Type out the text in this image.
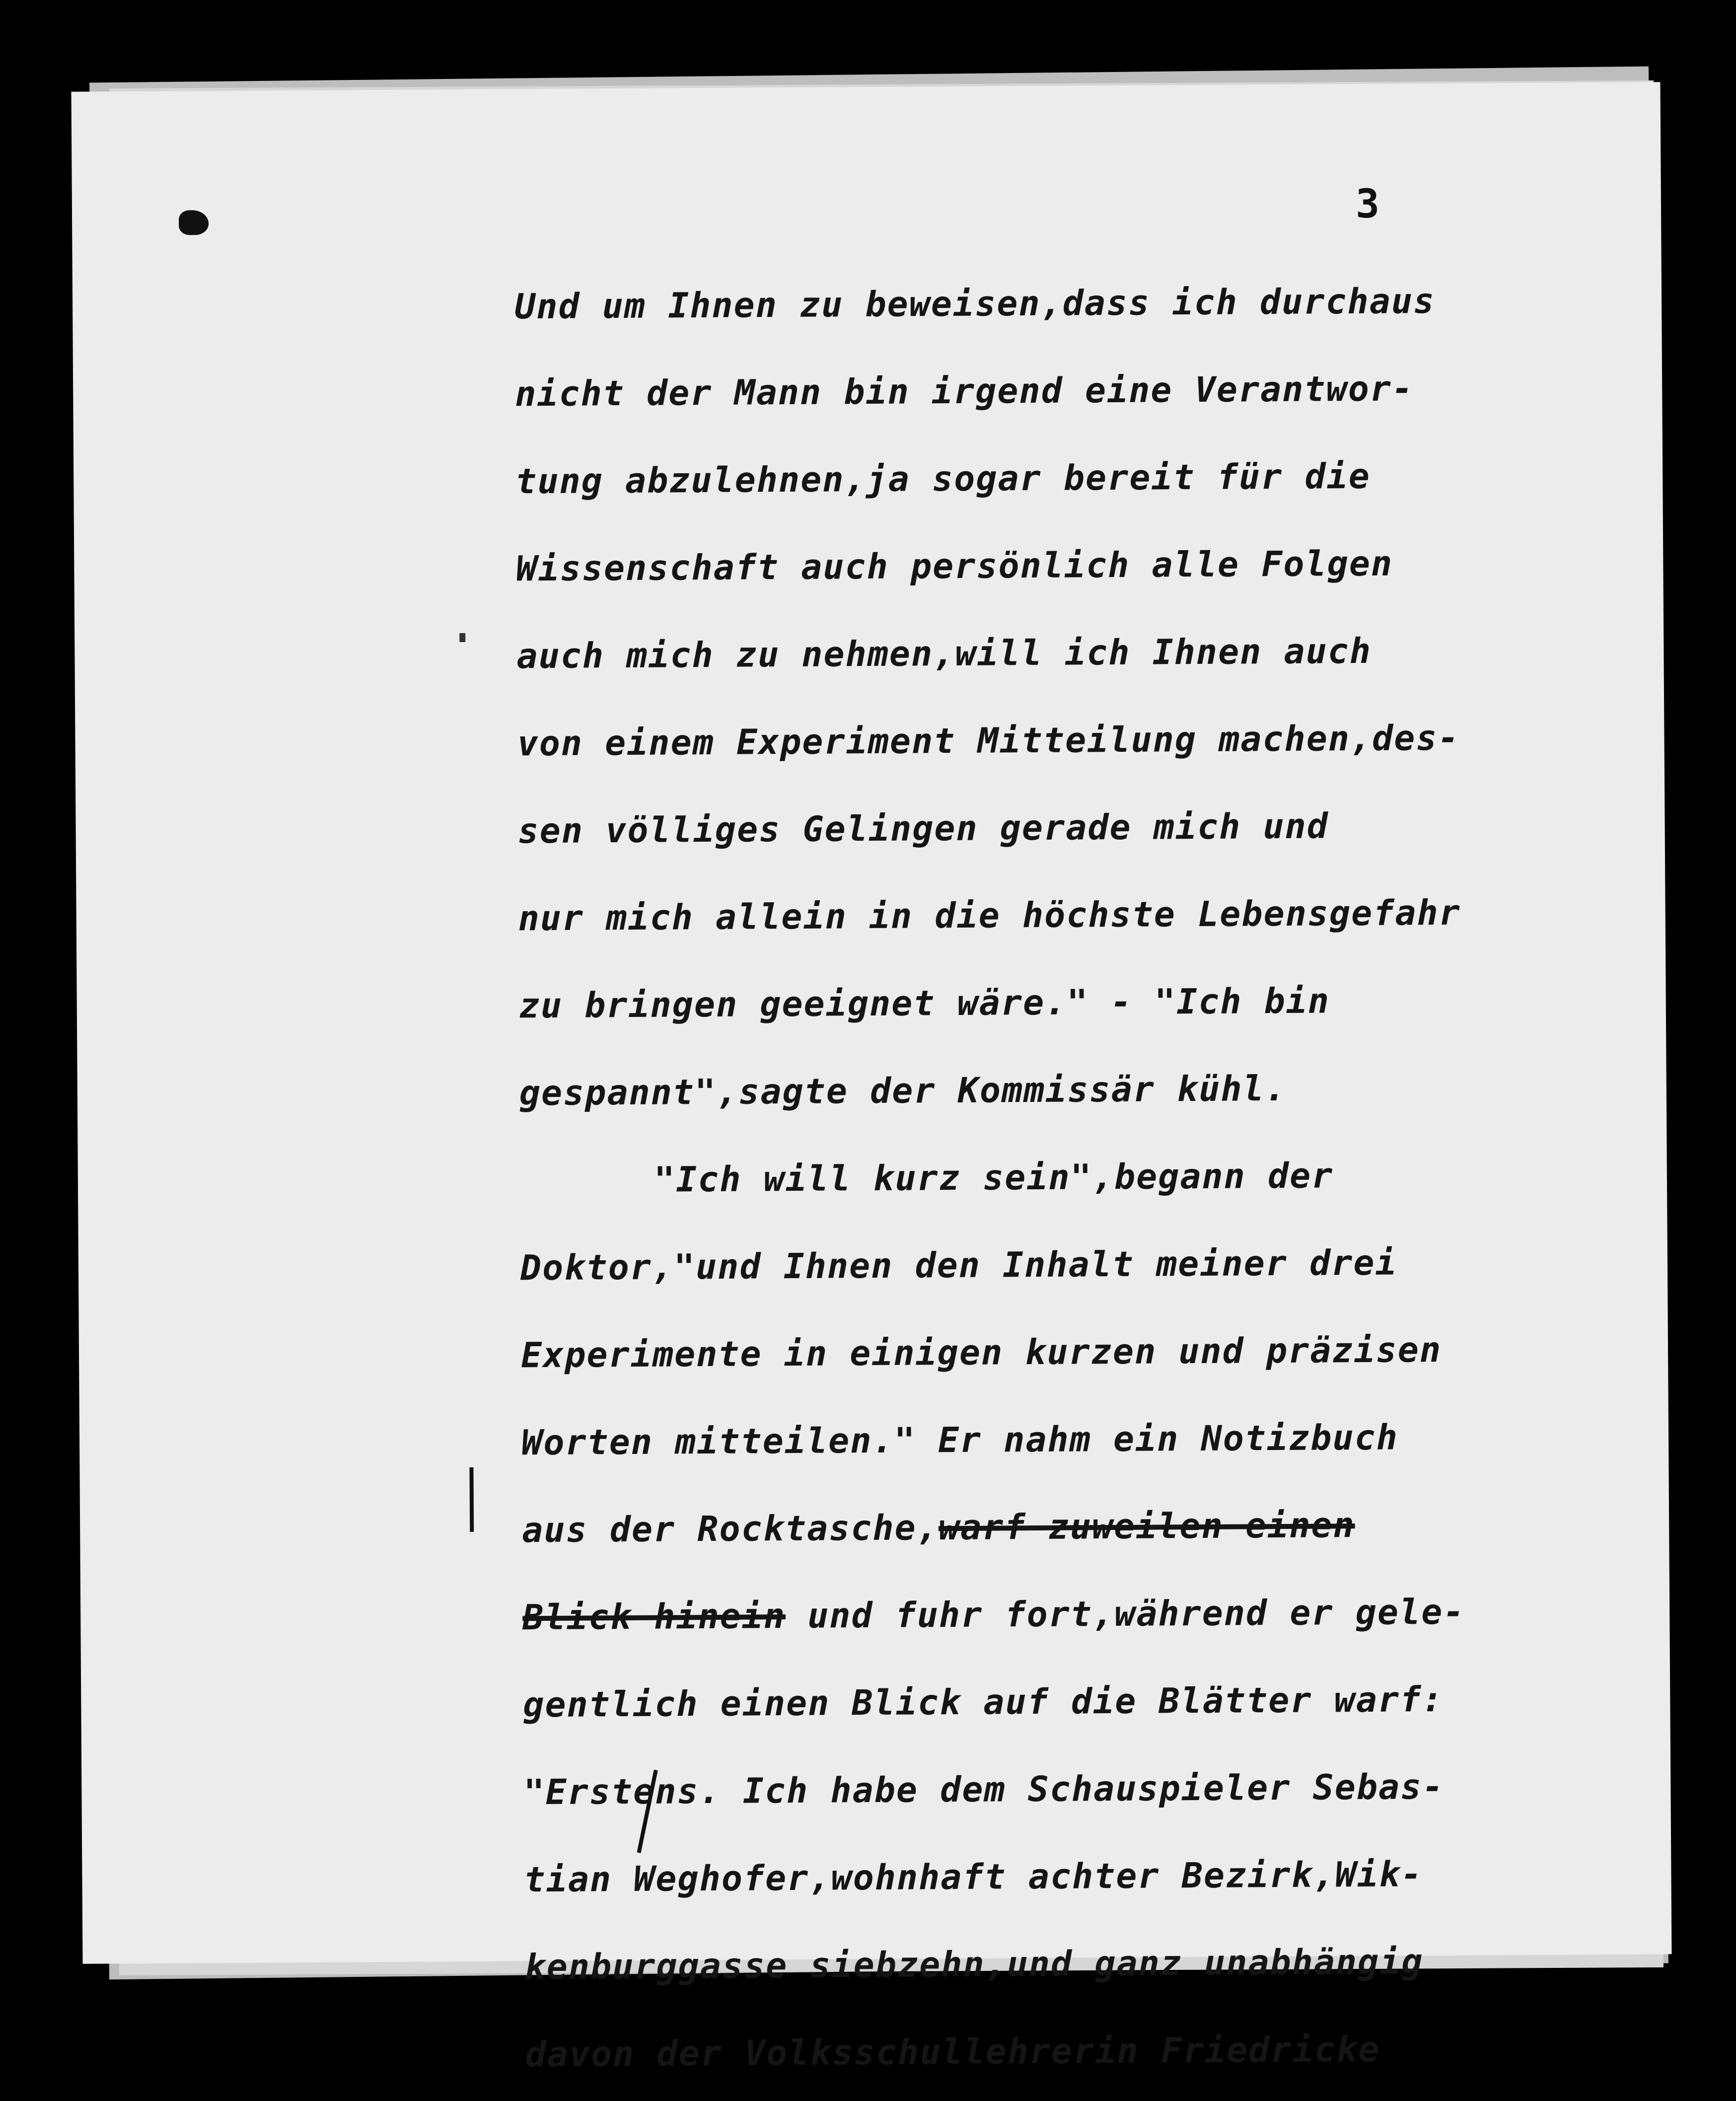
3
Und um Ihnen zu beweisen,dass ich durchaus
nicht der Mann bin irgend eine Verantwor-
tung abzulehnen,ja sogar bereit für die
Wissenschaft auch persönlich alle Folgen
auch mich zu nehmen,will ich Ihnen auch
von einem Experiment Mitteilung machen,des-
sen völliges Gelingen gerade mich und
nur mich allein in die höchste Lebensgefahr
zu bringen geeignet wäre." - "Ich bin
gespannt",sagte der Kommissär kühl.
"Ich will kurz sein",begann der
Doktor,"und Ihnen den Inhalt meiner drei
Experimente in einigen kurzen und präzisen
Worten mitteilen." Er nahm ein Notizbuch
aus der Rocktasche,warf zuweilen einen
Blick hinein und fuhr fort,während er gele-
gentlich einen Blick auf die Blätter warf:
"Erstens. Ich habe dem Schauspieler Sebas-
tian Weghofer,wohnhaft achter Bezirk,Wik-
kenburggasse siebzehn,und ganz unabhängig
davon der Volksschullehrerin Friedricke
